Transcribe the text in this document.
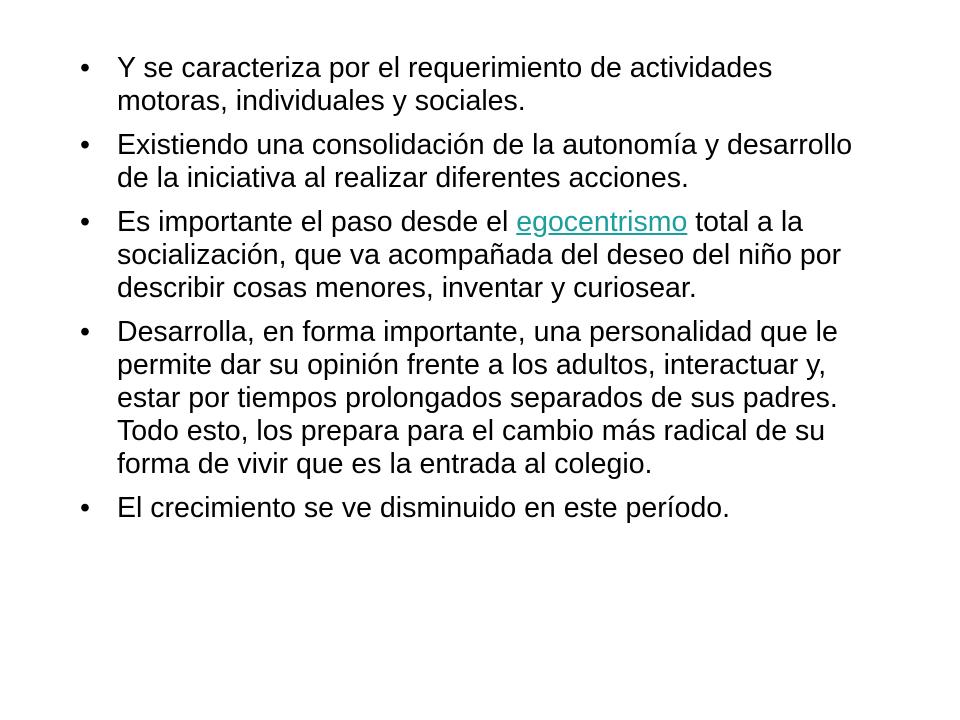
• Y se caracteriza por el requerimiento de actividades motoras, individuales y sociales.
• Existiendo una consolidación de la autonomía y desarrollo de la iniciativa al realizar diferentes acciones.
• Es importante el paso desde el egocentrismo total a la socialización, que va acompañada del deseo del niño por describir cosas menores, inventar y curiosear.
• Desarrolla, en forma importante, una personalidad que le permite dar su opinión frente a los adultos, interactuar y, estar por tiempos prolongados separados de sus padres. Todo esto, los prepara para el cambio más radical de su forma de vivir que es la entrada al colegio.
• El crecimiento se ve disminuido en este período.
